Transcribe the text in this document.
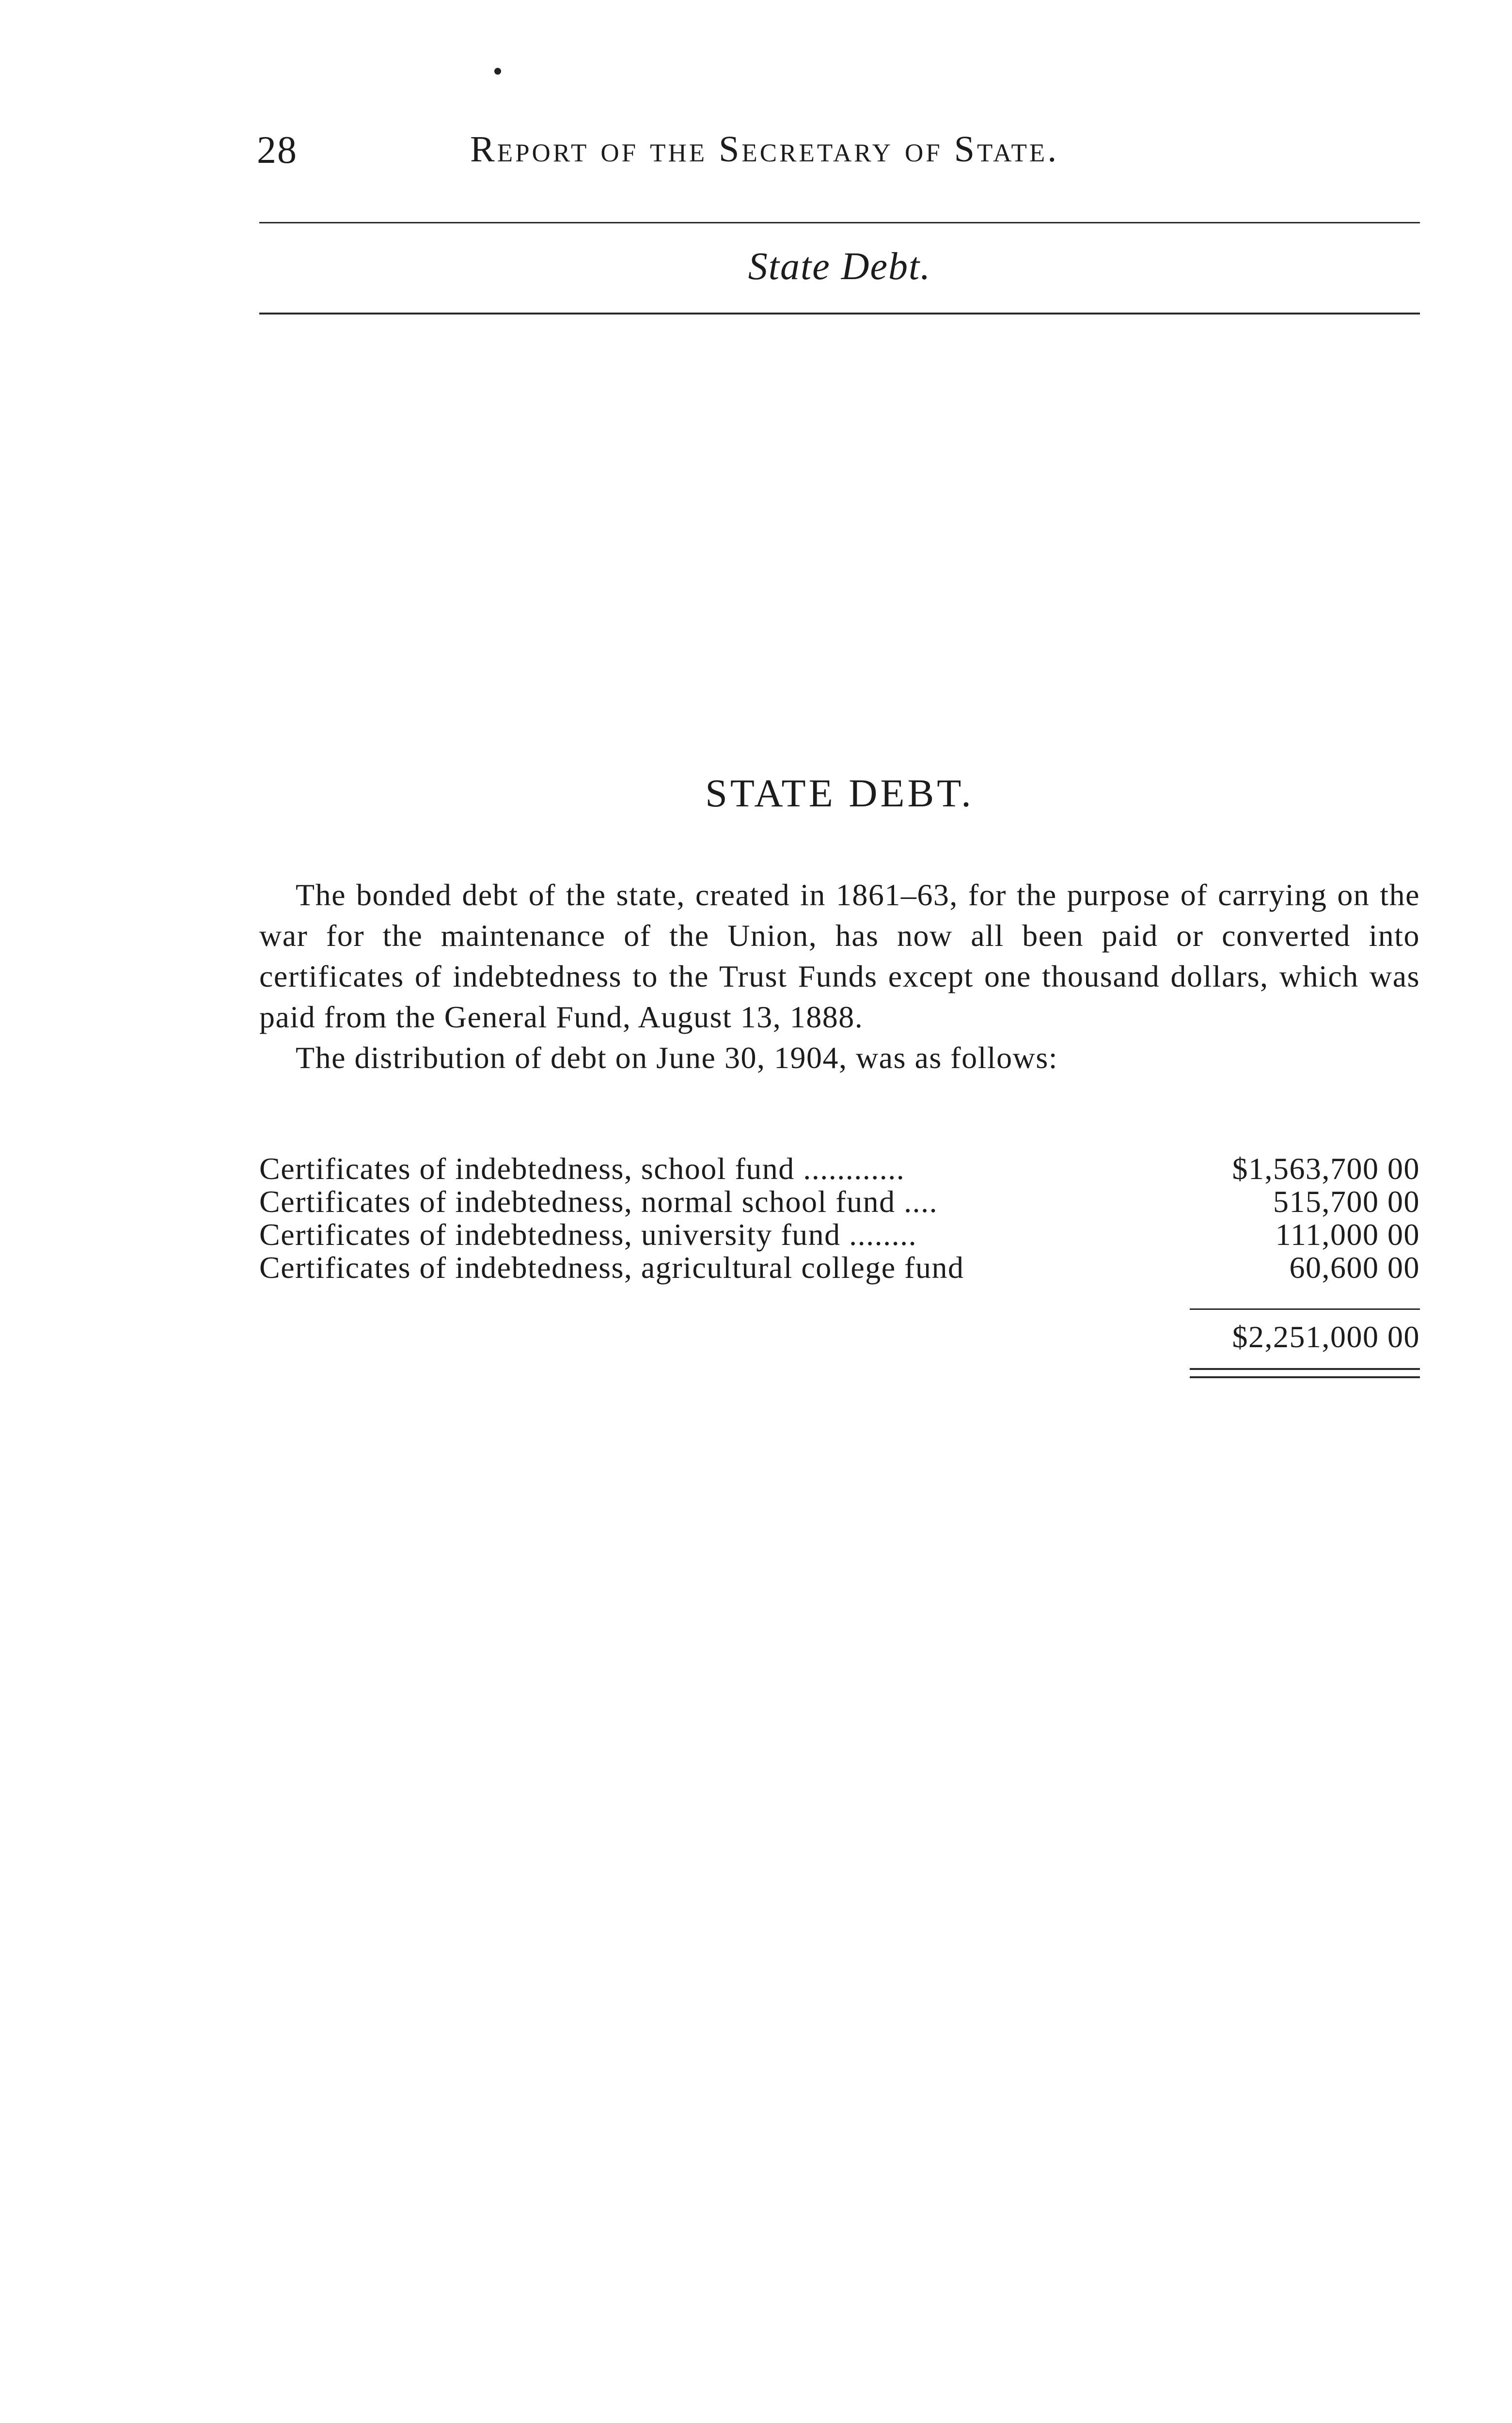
28	Report of the Secretary of State.
State Debt.
STATE DEBT.

The bonded debt of the state, created in 1861–63, for the purpose of carrying on the war for the maintenance of the Union, has now all been paid or converted into certificates of indebtedness to the Trust Funds except one thousand dollars, which was paid from the General Fund, August 13, 1888.

The distribution of debt on June 30, 1904, was as follows:

Certificates of indebtedness, school fund ............	$1,563,700 00
Certificates of indebtedness, normal school fund ....	515,700 00
Certificates of indebtedness, university fund ........	111,000 00
Certificates of indebtedness, agricultural college fund	60,600 00
$2,251,000 00
